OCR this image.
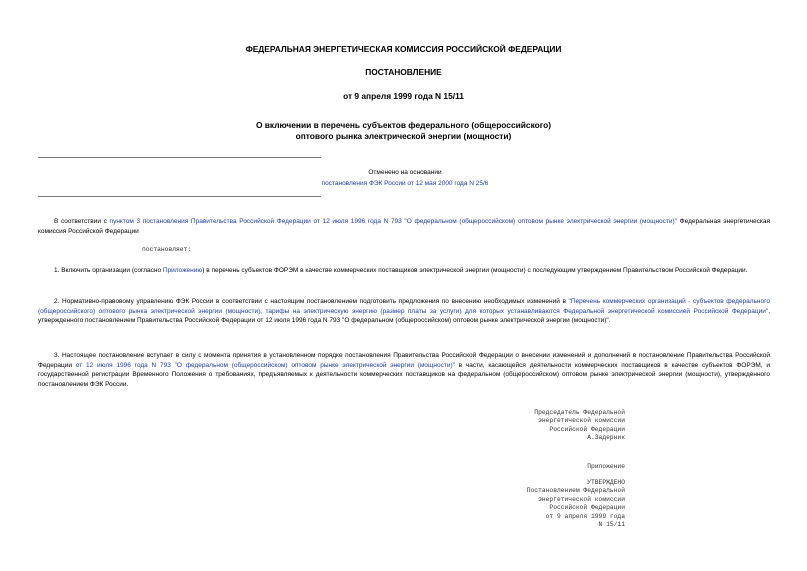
ФЕДЕРАЛЬНАЯ ЭНЕРГЕТИЧЕСКАЯ КОМИССИЯ РОССИЙСКОЙ ФЕДЕРАЦИИ
ПОСТАНОВЛЕНИЕ
от 9 апреля 1999 года N 15/11
О включении в перечень субъектов федерального (общероссийского)
оптового рынка электрической энергии (мощности)
Отменено на основании
постановления ФЭК России от 12 мая 2000 года N 25/6
В соответствии с пунктом 3 постановления Правительства Российской Федерации от 12 июля 1996 года N 793 "О федеральном (общероссийском) оптовом рынке электрической энергии (мощности)" Федеральная энергетическая комиссия Российской Федерации
постановляет:
1. Включить организации (согласно Приложению) в перечень субъектов ФОРЭМ в качестве коммерческих поставщиков электрической энергии (мощности) с последующим утверждением Правительством Российской Федерации.
2. Нормативно-правовому управлению ФЭК России в соответствии с настоящим постановлением подготовить предложения по внесению необходимых изменений в "Перечень коммерческих организаций - субъектов федерального (общероссийского) оптового рынка электрической энергии (мощности), тарифы на электрическую энергию (размер платы за услуги) для которых устанавливаются Федеральной энергетической комиссией Российской Федерации", утвержденного постановлением Правительства Российской Федерации от 12 июля 1996 года N 793 "О федеральном (общероссийском) оптовом рынке электрической энергии (мощности)".
3. Настоящее постановление вступает в силу с момента принятия в установленном порядке постановления Правительства Российской Федерации о внесении изменений и дополнений в постановление Правительства Российской Федерации от 12 июля 1996 года N 793 "О федеральном (общероссийском) оптовом рынке электрической энергии (мощности)" в части, касающейся деятельности коммерческих поставщиков в качестве субъектов ФОРЭМ, и государственной регистрации Временного Положения о требованиях, предъявляемых к деятельности коммерческих поставщиков на федеральном (общероссийском) оптовом рынке электрической энергии (мощности), утвержденного постановлением ФЭК России.
Председатель Федеральной
энергетической комиссии
Российской Федерации
А.Задерник
Приложение
УТВЕРЖДЕНО
Постановлением Федеральной
энергетической комиссии
Российской Федерации
от 9 апреля 1999 года
N 15/11
